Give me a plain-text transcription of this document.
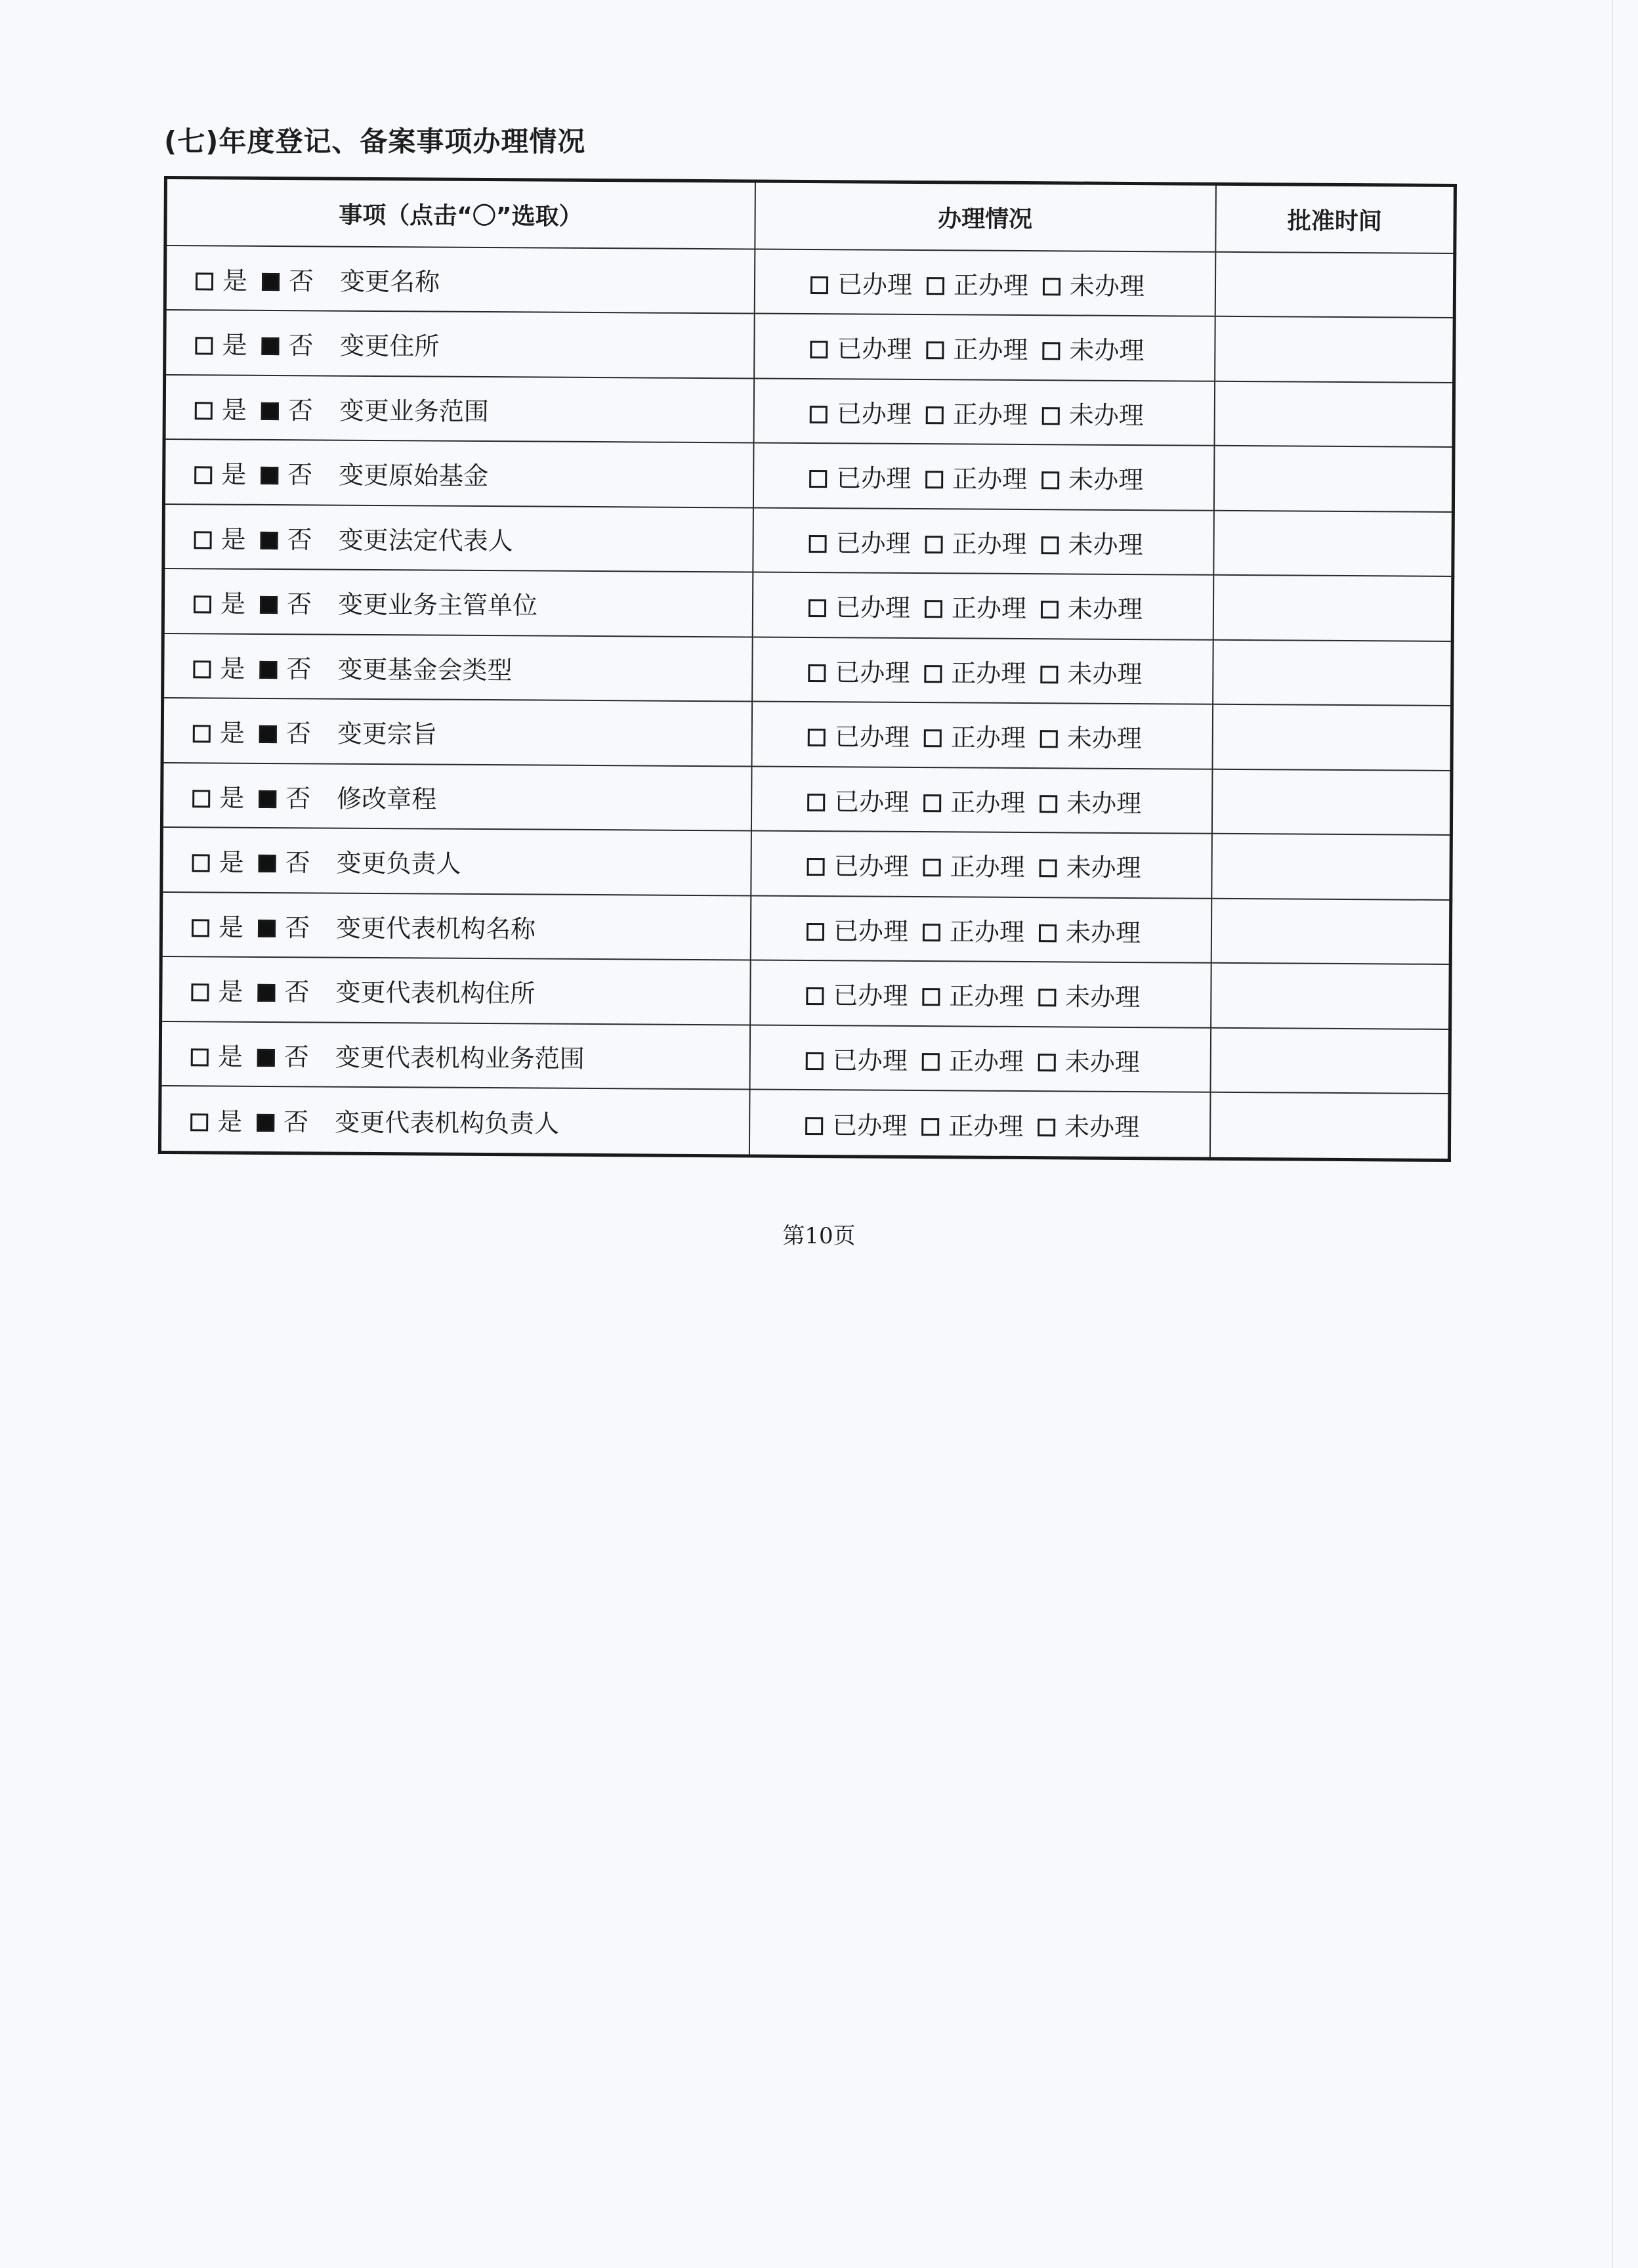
(七)年度登记、备案事项办理情况
事项（点击“〇”选取）	办理情况	批准时间
是 否 变更名称	已办理 正办理 未办理	
是 否 变更住所	已办理 正办理 未办理	
是 否 变更业务范围	已办理 正办理 未办理	
是 否 变更原始基金	已办理 正办理 未办理	
是 否 变更法定代表人	已办理 正办理 未办理	
是 否 变更业务主管单位	已办理 正办理 未办理	
是 否 变更基金会类型	已办理 正办理 未办理	
是 否 变更宗旨	已办理 正办理 未办理	
是 否 修改章程	已办理 正办理 未办理	
是 否 变更负责人	已办理 正办理 未办理	
是 否 变更代表机构名称	已办理 正办理 未办理	
是 否 变更代表机构住所	已办理 正办理 未办理	
是 否 变更代表机构业务范围	已办理 正办理 未办理	
是 否 变更代表机构负责人	已办理 正办理 未办理	
第10页
